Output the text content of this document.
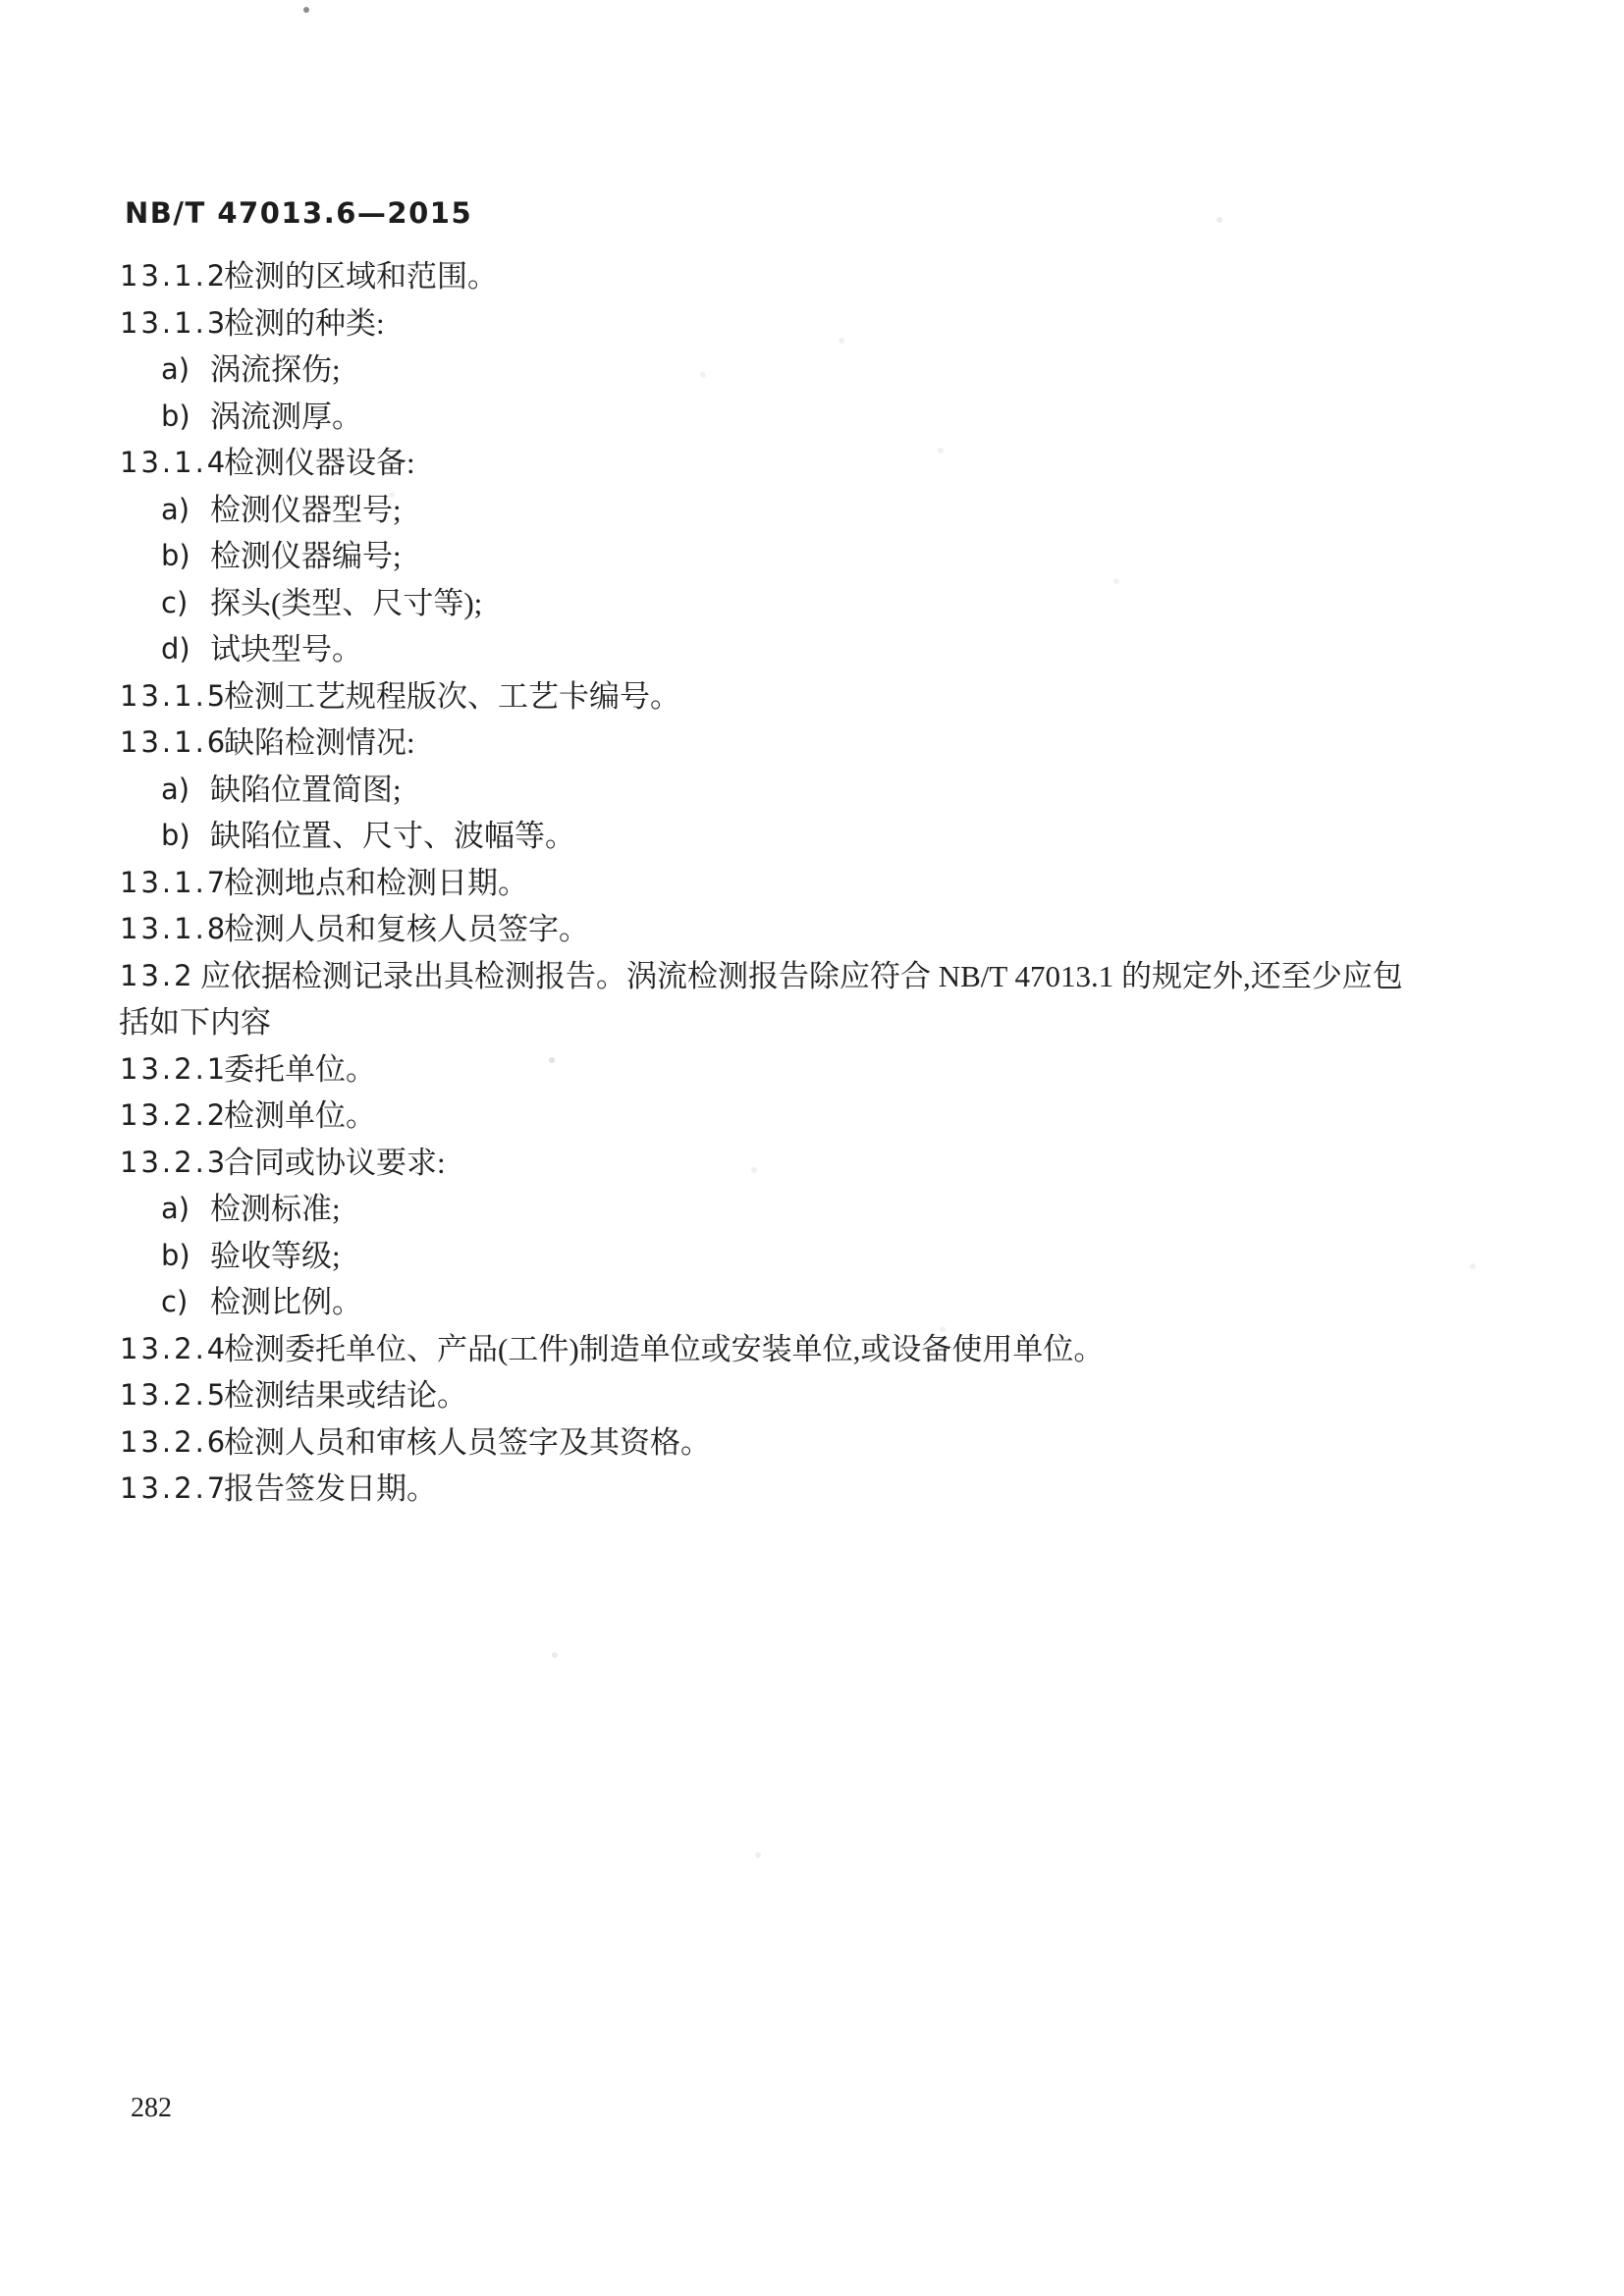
NB/T 47013.6—2015
13.1.2
检测的区域和范围。
13.1.3
检测的种类:
a) 涡流探伤;
b) 涡流测厚。
13.1.4
检测仪器设备:
a) 检测仪器型号;
b) 检测仪器编号;
c) 探头(类型、尺寸等);
d) 试块型号。
13.1.5
检测工艺规程版次、工艺卡编号。
13.1.6
缺陷检测情况:
a) 缺陷位置简图;
b) 缺陷位置、尺寸、波幅等。
13.1.7
检测地点和检测日期。
13.1.8
检测人员和复核人员签字。
13.2 应依据检测记录出具检测报告。涡流检测报告除应符合 NB/T 47013.1 的规定外,还至少应包
括如下内容
13.2.1
委托单位。
13.2.2
检测单位。
13.2.3
合同或协议要求:
a) 检测标准;
b) 验收等级;
c) 检测比例。
13.2.4
检测委托单位、产品(工件)制造单位或安装单位,或设备使用单位。
13.2.5
检测结果或结论。
13.2.6
检测人员和审核人员签字及其资格。
13.2.7
报告签发日期。
282
